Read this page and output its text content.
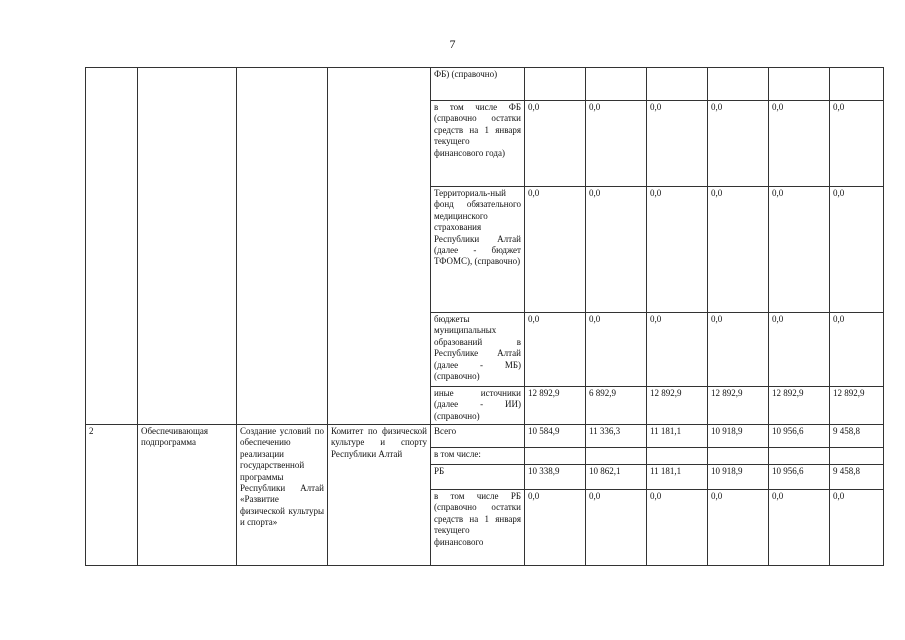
7
				ФБ) (справочно)						
				в том числе ФБ (справочно остатки средств на 1 января текущего финансового года)	0,0	0,0	0,0	0,0	0,0	0,0
				Территориаль-ный фонд обязательного медицинского страхования Республики Алтай (далее - бюджет ТФОМС), (справочно)	0,0	0,0	0,0	0,0	0,0	0,0
				бюджеты муниципальных образований в Республике Алтай (далее - МБ) (справочно)	0,0	0,0	0,0	0,0	0,0	0,0
				иные источники (далее - ИИ) (справочно)	12 892,9	6 892,9	12 892,9	12 892,9	12 892,9	12 892,9
2	Обеспечивающая подпрограмма	Создание условий по обеспечению реализации государственной программы Республики Алтай «Развитие физической культуры и спорта»	Комитет по физической культуре и спорту Республики Алтай	Всего	10 584,9	11 336,3	11 181,1	10 918,9	10 956,6	9 458,8
				в том числе:						
				РБ	10 338,9	10 862,1	11 181,1	10 918,9	10 956,6	9 458,8
				в том числе РБ (справочно остатки средств на 1 января текущего финансового	0,0	0,0	0,0	0,0	0,0	0,0
